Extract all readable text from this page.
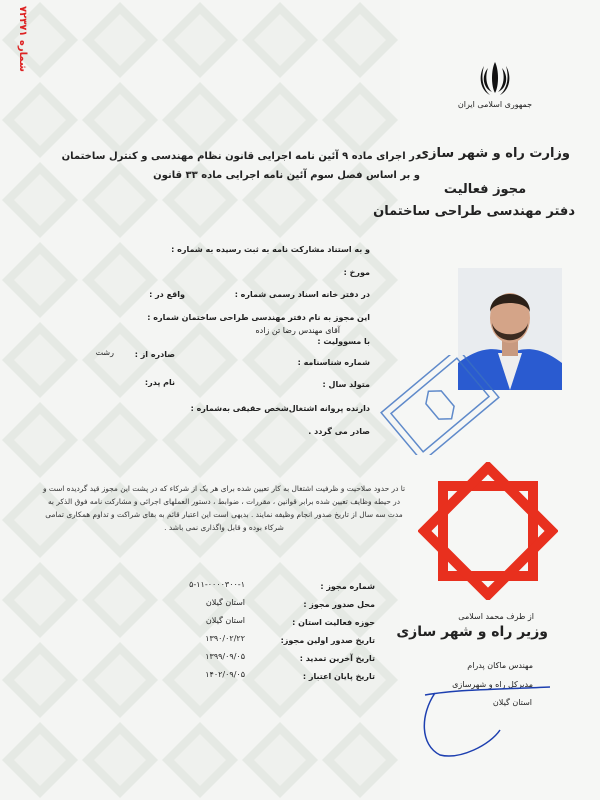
شماره ۷۲۳۷۱
جمهوری اسلامی ایران
وزارت راه و شهر سازی
مجوز فعالیت
دفتر مهندسی طراحی ساختمان
در اجرای ماده ۹ آئین نامه اجرایی قانون نظام مهندسی و کنترل ساختمان
و بر اساس فصل سوم آئین نامه اجرایی ماده ۳۳ قانون
و به استناد مشارکت نامه به ثبت رسیده به شماره :
مورخ :
در دفتر خانه اسناد رسمی شماره :
واقع در :
این مجوز به نام دفتر مهندسی طراحی ساختمان شماره :
آقای مهندس رضا تن زاده
با مسوولیت :
شماره شناسنامه :
صادره از :
رشت
متولد سال :
نام پدر:
دارنده پروانه اشتغال‌شخص حقیقی به‌شماره :
صادر می گردد .
تا در حدود صلاحیت و ظرفیت اشتغال به کار تعیین شده برای هر یک از شرکاء که در پشت این مجوز قید گردیده است و در حیطه وظایف تعیین شده برابر قوانین ، مقررات ، ضوابط ، دستور العملهای اجرائی و مشارکت نامه فوق الذکر به مدت سه سال از تاریخ صدور انجام وظیفه نمایند . بدیهی است این اعتبار قائم به بقای شراکت و تداوم همکاری تمامی شرکاء بوده و قابل واگذاری نمی باشد .
شماره مجوز :
۵-۱۱-۰۰۰۰۳۰۰-۱
محل صدور مجوز :
استان گیلان
حوزه فعالیت استان :
استان گیلان
تاریخ صدور اولین مجوز:
۱۳۹۰/۰۲/۲۲
تاریخ آخرین تمدید :
۱۳۹۹/۰۹/۰۵
تاریخ پایان اعتبار :
۱۴۰۲/۰۹/۰۵
از طرف محمد اسلامی
وزیر راه و شهر سازی
مهندس ماکان پدرام
مدیرکل راه و شهرسازی
استان گیلان
